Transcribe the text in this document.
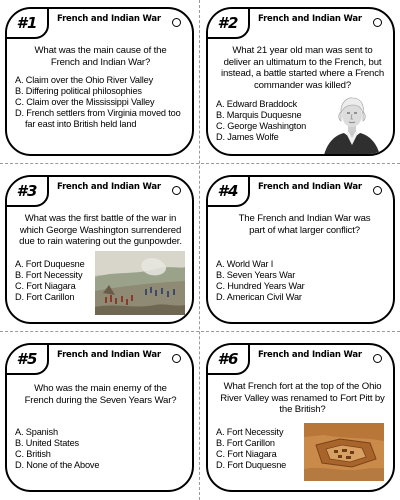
#1	French and Indian War
What was the main cause of the French and Indian War?
A. Claim over the Ohio River Valley
B. Differing political philosophies
C. Claim over the Mississippi Valley
D. French settlers from Virginia moved too far east into British held land
#2	French and Indian War
What 21 year old man was sent to deliver an ultimatum to the French, but instead, a battle started where a French commander was killed?
A. Edward Braddock
B. Marquis Duquesne
C. George Washington
D. James Wolfe
#3	French and Indian War
What was the first battle of the war in which George Washington surrendered due to rain watering out the gunpowder.
A. Fort Duquesne
B. Fort Necessity
C. Fort Niagara
D. Fort Carillon
#4	French and Indian War
The French and Indian War was part of what larger conflict?
A. World War I
B. Seven Years War
C. Hundred Years War
D. American Civil War
#5	French and Indian War
Who was the main enemy of the French during the Seven Years War?
A. Spanish
B. United States
C. British
D. None of the Above
#6	French and Indian War
What French fort at the top of the Ohio River Valley was renamed to Fort Pitt by the British?
A. Fort Necessity
B. Fort Carillon
C. Fort Niagara
D. Fort Duquesne
